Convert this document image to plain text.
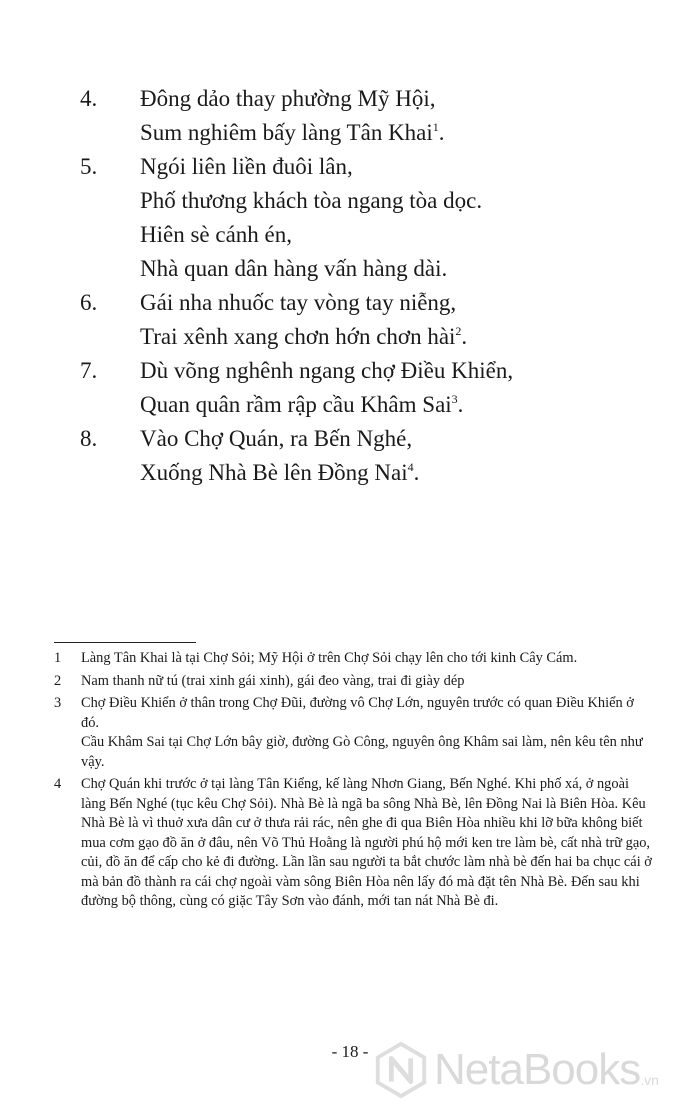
4.	Đông dảo thay phường Mỹ Hội,

Sum nghiêm bấy làng Tân Khai$^1$.

5.	Ngói liên liền đuôi lân,

Phố thương khách tòa ngang tòa dọc.

Hiên sè cánh én,

Nhà quan dân hàng vấn hàng dài.

6.	Gái nha nhuốc tay vòng tay niễng,

Trai xênh xang chơn hớn chơn hài$^2$.

7.	Dù võng nghênh ngang chợ Điều Khiển,

Quan quân rầm rập cầu Khâm Sai$^3$.

8.	Vào Chợ Quán, ra Bến Nghé,

Xuống Nhà Bè lên Đồng Nai$^4$.

1	Làng Tân Khai là tại Chợ Sỏi; Mỹ Hội ở trên Chợ Sỏi chạy lên cho tới kinh Cây Cám.

2	Nam thanh nữ tú (trai xinh gái xinh), gái đeo vàng, trai đi giày dép

3	Chợ Điều Khiển ở thân trong Chợ Đũi, đường vô Chợ Lớn, nguyên trước có quan Điều Khiển ở đó.

Cầu Khâm Sai tại Chợ Lớn bây giờ, đường Gò Công, nguyên ông Khâm sai làm, nên kêu tên như vậy.

4	Chợ Quán khi trước ở tại làng Tân Kiểng, kế làng Nhơn Giang, Bến Nghé. Khi phố xá, ở ngoài làng Bến Nghé (tục kêu Chợ Sỏi). Nhà Bè là ngã ba sông Nhà Bè, lên Đồng Nai là Biên Hòa. Kêu Nhà Bè là vì thuở xưa dân cư ở thưa rải rác, nên ghe đi qua Biên Hòa nhiều khi lỡ bữa không biết mua cơm gạo đồ ăn ở đâu, nên Võ Thủ Hoằng là người phú hộ mới ken tre làm bè, cất nhà trữ gạo, củi, đồ ăn để cấp cho kẻ đi đường. Lần lần sau người ta bắt chước làm nhà bè đến hai ba chục cái ở mà bản đồ thành ra cái chợ ngoài vàm sông Biên Hòa nên lấy đó mà đặt tên Nhà Bè. Đến sau khi đường bộ thông, cùng có giặc Tây Sơn vào đánh, mới tan nát Nhà Bè đi.

- 18 -	NetaBooks .vn
